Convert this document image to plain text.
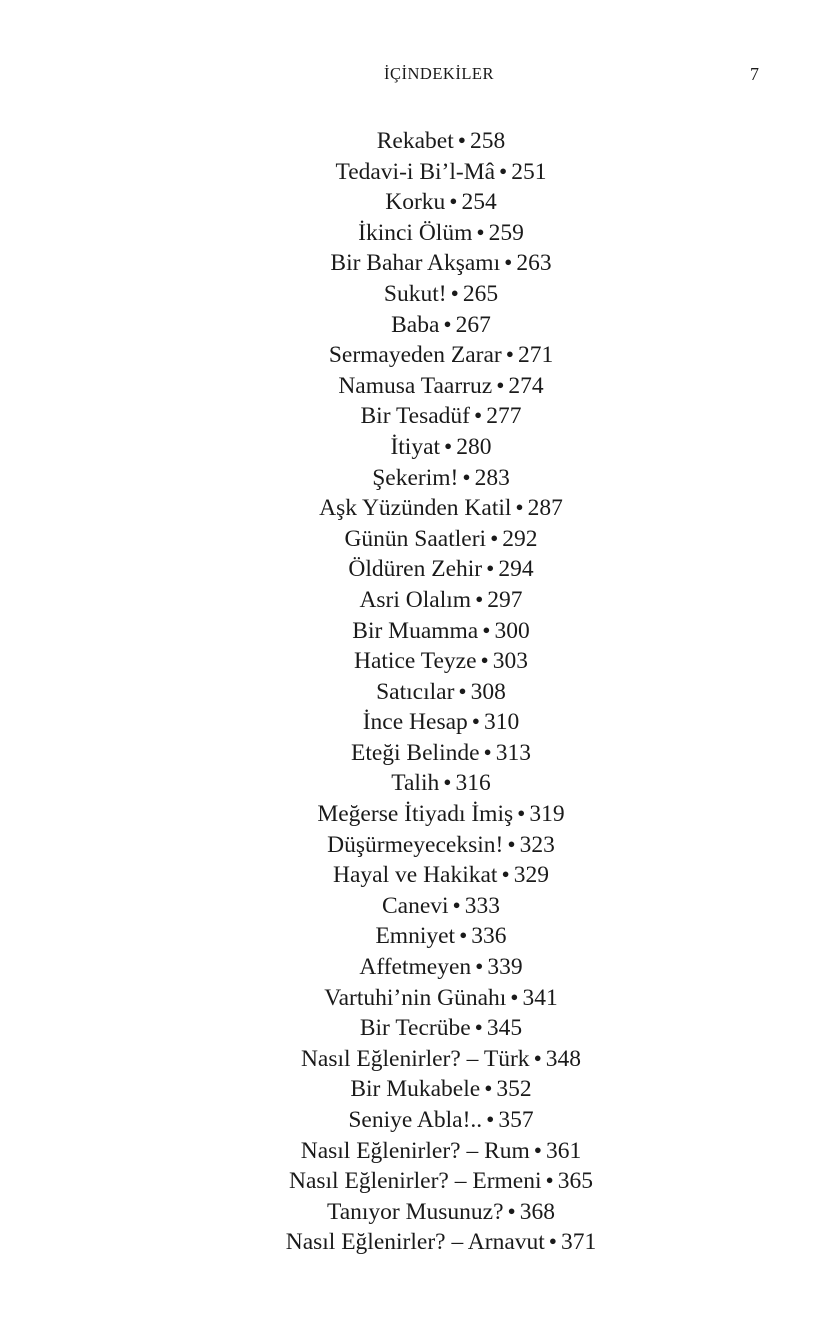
İÇİNDEKİLER	7
Rekabet • 258
Tedavi-i Bi’l-Mâ • 251
Korku • 254
İkinci Ölüm • 259
Bir Bahar Akşamı • 263
Sukut! • 265
Baba • 267
Sermayeden Zarar • 271
Namusa Taarruz • 274
Bir Tesadüf • 277
İtiyat • 280
Şekerim! • 283
Aşk Yüzünden Katil • 287
Günün Saatleri • 292
Öldüren Zehir • 294
Asri Olalım • 297
Bir Muamma • 300
Hatice Teyze • 303
Satıcılar • 308
İnce Hesap • 310
Eteği Belinde • 313
Talih • 316
Meğerse İtiyadı İmiş • 319
Düşürmeyeceksin! • 323
Hayal ve Hakikat • 329
Canevi • 333
Emniyet • 336
Affetmeyen • 339
Vartuhi’nin Günahı • 341
Bir Tecrübe • 345
Nasıl Eğlenirler? – Türk • 348
Bir Mukabele • 352
Seniye Abla!.. • 357
Nasıl Eğlenirler? – Rum • 361
Nasıl Eğlenirler? – Ermeni • 365
Tanıyor Musunuz? • 368
Nasıl Eğlenirler? – Arnavut • 371
